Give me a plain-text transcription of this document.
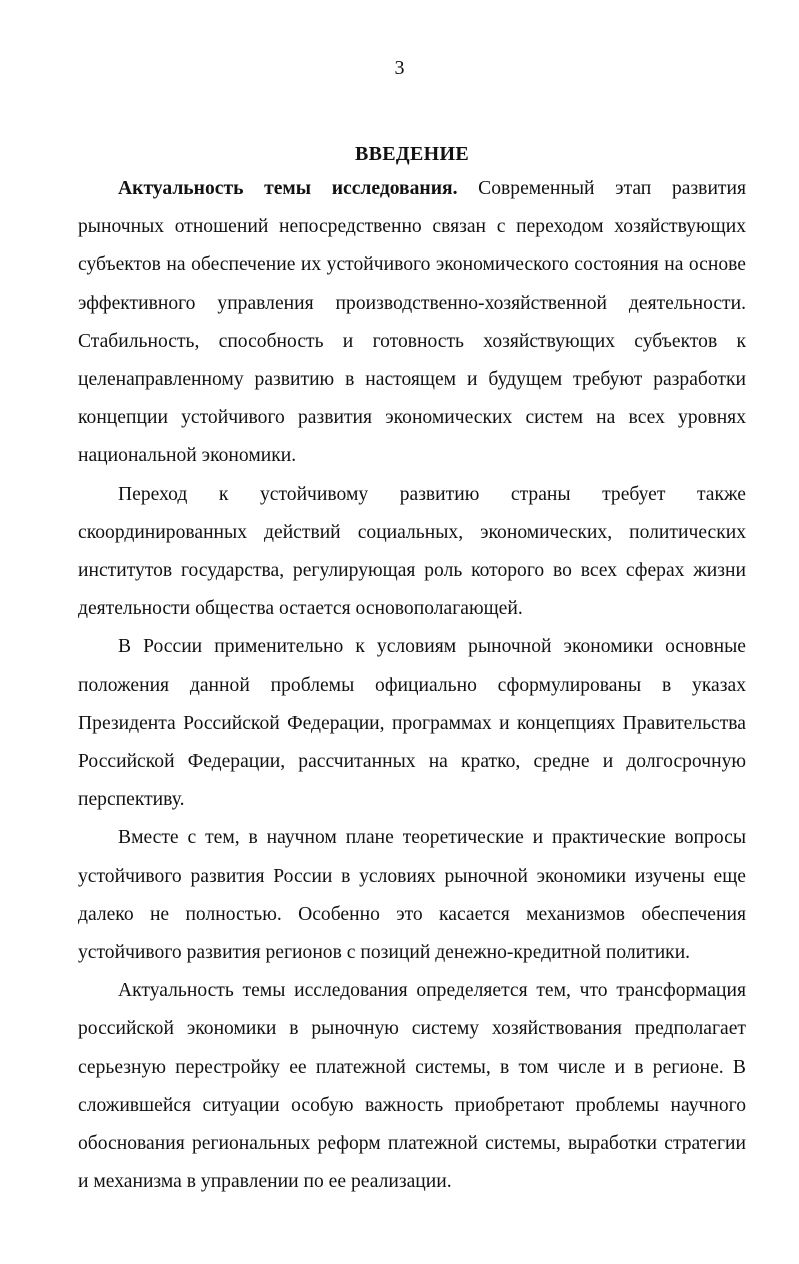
3
ВВЕДЕНИЕ

Актуальность темы исследования. Современный этап развития рыночных отношений непосредственно связан с переходом хозяйствующих субъектов на обеспечение их устойчивого экономического состояния на основе эффективного управления производственно-хозяйственной деятельности. Стабильность, способность и готовность хозяйствующих субъектов к целенаправленному развитию в настоящем и будущем требуют разработки концепции устойчивого развития экономических систем на всех уровнях национальной экономики.

Переход к устойчивому развитию страны требует также скоординированных действий социальных, экономических, политических институтов государства, регулирующая роль которого во всех сферах жизни деятельности общества остается основополагающей.

В России применительно к условиям рыночной экономики основные положения данной проблемы официально сформулированы в указах Президента Российской Федерации, программах и концепциях Правительства Российской Федерации, рассчитанных на кратко, средне и долгосрочную перспективу.

Вместе с тем, в научном плане теоретические и практические вопросы устойчивого развития России в условиях рыночной экономики изучены еще далеко не полностью. Особенно это касается механизмов обеспечения устойчивого развития регионов с позиций денежно-кредитной политики.

Актуальность темы исследования определяется тем, что трансформация российской экономики в рыночную систему хозяйствования предполагает серьезную перестройку ее платежной системы, в том числе и в регионе. В сложившейся ситуации особую важность приобретают проблемы научного обоснования региональных реформ платежной системы, выработки стратегии и механизма в управлении по ее реализации.
